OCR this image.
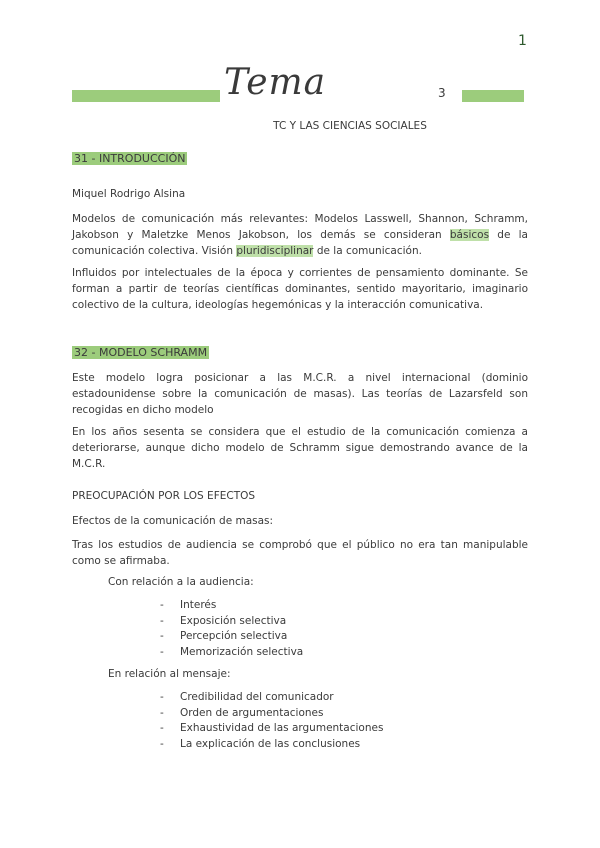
1
Tema	3
TC Y LAS CIENCIAS SOCIALES
31 - INTRODUCCIÓN
Miquel Rodrigo Alsina
Modelos de comunicación más relevantes: Modelos Lasswell, Shannon, Schramm, Jakobson y Maletzke Menos Jakobson, los demás se consideran básicos de la comunicación colectiva. Visión pluridisciplinar de la comunicación.
Influidos por intelectuales de la época y corrientes de pensamiento dominante. Se forman a partir de teorías científicas dominantes, sentido mayoritario, imaginario colectivo de la cultura, ideologías hegemónicas y la interacción comunicativa.
32 - MODELO SCHRAMM
Este modelo logra posicionar a las M.C.R. a nivel internacional (dominio estadounidense sobre la comunicación de masas). Las teorías de Lazarsfeld son recogidas en dicho modelo
En los años sesenta se considera que el estudio de la comunicación comienza a deteriorarse, aunque dicho modelo de Schramm sigue demostrando avance de la M.C.R.
PREOCUPACIÓN POR LOS EFECTOS
Efectos de la comunicación de masas:
Tras los estudios de audiencia se comprobó que el público no era tan manipulable como se afirmaba.
Con relación a la audiencia:
- Interés
- Exposición selectiva
- Percepción selectiva
- Memorización selectiva
En relación al mensaje:
- Credibilidad del comunicador
- Orden de argumentaciones
- Exhaustividad de las argumentaciones
- La explicación de las conclusiones
